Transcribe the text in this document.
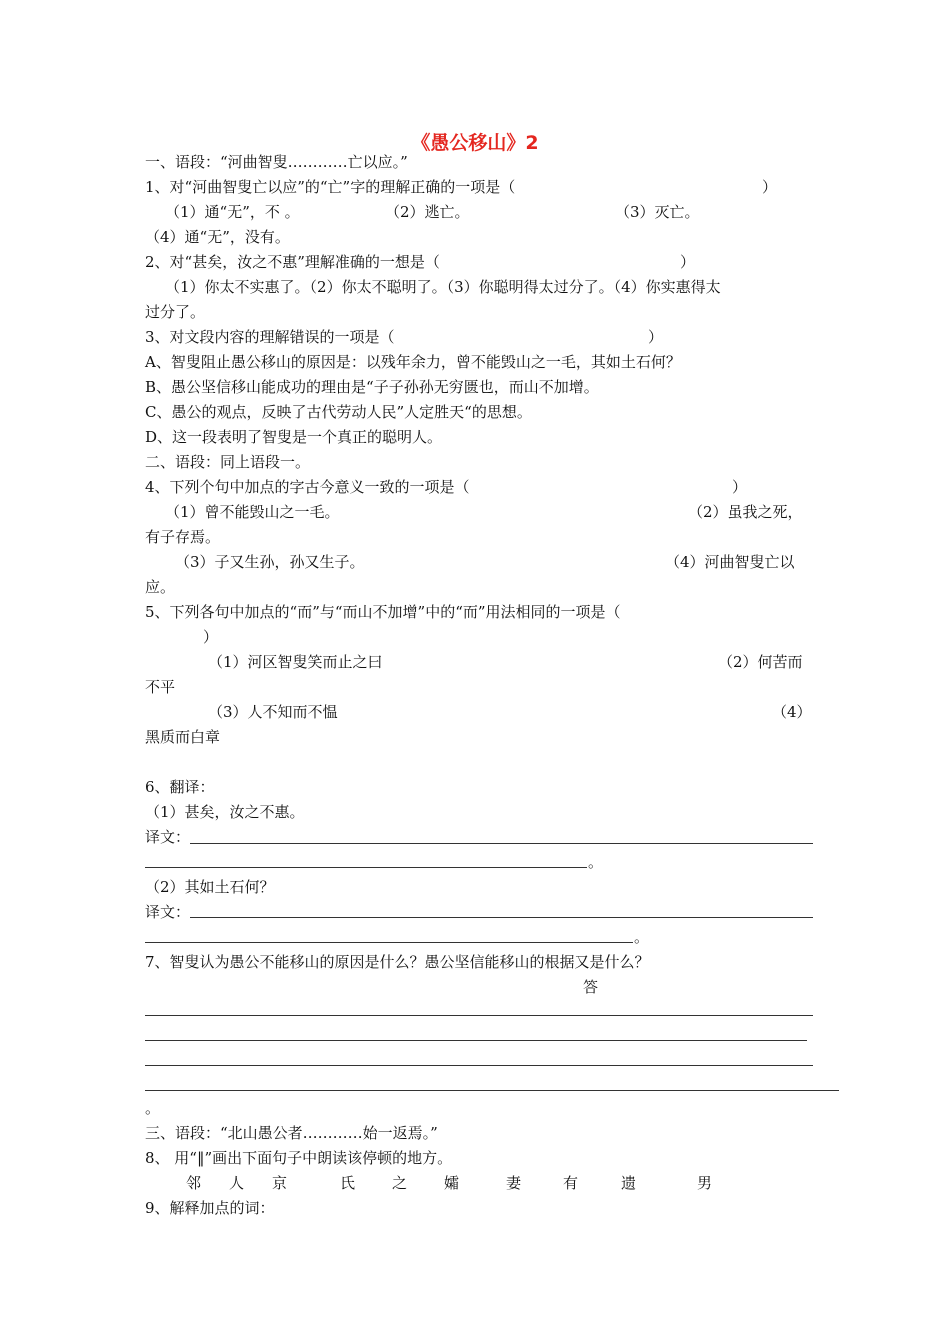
《愚公移山》2
一、语段：“河曲智叟…………亡以应。”
1、对“河曲智叟亡以应”的“亡”字的理解正确的一项是（	）
（1）通“无”，不 。	（2）逃亡。	（3）灭亡。
（4）通“无”，没有。
2、对“甚矣，汝之不惠”理解准确的一想是（	）
（1）你太不实惠了。（2）你太不聪明了。（3）你聪明得太过分了。（4）你实惠得太
过分了。
3、对文段内容的理解错误的一项是（	）
A、智叟阻止愚公移山的原因是：以残年余力，曾不能毁山之一毛，其如土石何？
B、愚公坚信移山能成功的理由是“子子孙孙无穷匮也，而山不加增。
C、愚公的观点，反映了古代劳动人民”人定胜天“的思想。
D、这一段表明了智叟是一个真正的聪明人。
二、语段：同上语段一。
4、下列个句中加点的字古今意义一致的一项是（	）
（1）曾不能毁山之一毛。	（2）虽我之死，
有子存焉。
（3）子又生孙，孙又生子。	（4）河曲智叟亡以
应。
5、下列各句中加点的“而”与“而山不加增”中的“而”用法相同的一项是（
）
（1）河区智叟笑而止之曰	（2）何苦而
不平
（3）人不知而不愠	（4）
黑质而白章
6、翻译：
（1）甚矣，汝之不惠。
译文：
。
（2）其如土石何？
译文：
。
7、智叟认为愚公不能移山的原因是什么？愚公坚信能移山的根据又是什么？
答
。
三、语段：“北山愚公者…………始一返焉。”
8、 用“‖”画出下面句子中朗读该停顿的地方。
邻 人 京	氏 之 孀	妻	有	遗	男
9、解释加点的词：
